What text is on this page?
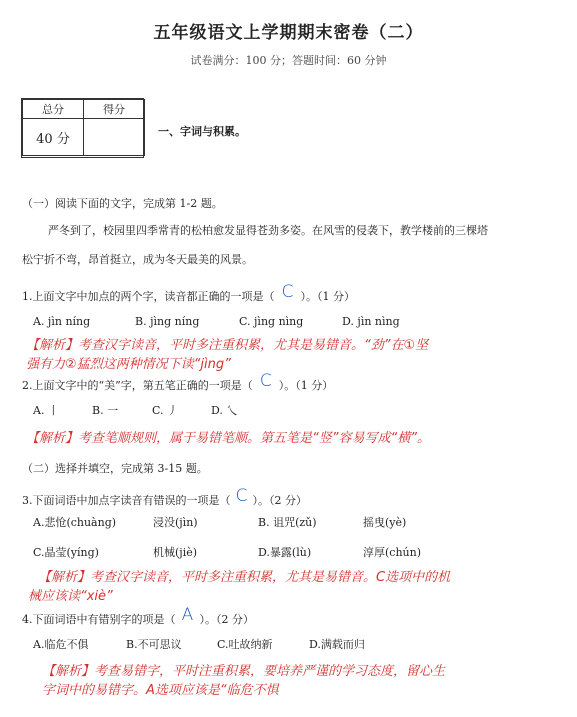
五年级语文上学期期末密卷（二）
试卷满分：100 分；答题时间：60 分钟
总分	得分
40 分		一、字词与积累。
（一）阅读下面的文字，完成第 1-2 题。
严冬到了，校园里四季常青的松柏愈发显得苍劲多姿。在风雪的侵袭下，教学楼前的三棵塔
松宁折不弯，昂首挺立，成为冬天最美的风景。
1.上面文字中加点的两个字，读音都正确的一项是（ C ）。（1 分）
A. jìn níng	B. jìng níng	C. jìng nìng	D. jìn nìng
【解析】考查汉字读音，平时多注重积累，尤其是易错音。“劲”在①坚
强有力②猛烈这两种情况下读“jìng”
2.上面文字中的“美”字，第五笔正确的一项是（ C ）。（1 分）
A. 丨	B. 一	C. 丿	D. 乀
【解析】考查笔顺规则，属于易错笔顺。第五笔是“竖”容易写成“横”。
（二）选择并填空，完成第 3-15 题。
3.下面词语中加点字读音有错误的一项是（ C ）。（2 分）
A.悲怆(chuàng)	浸没(jìn)	B. 诅咒(zǔ)	摇曳(yè)
C.晶莹(yíng)	机械(jiè)	D.暴露(lù)	淳厚(chún)
【解析】考查汉字读音，平时多注重积累，尤其是易错音。C选项中的机
械应该读“xiè”
4.下面词语中有错别字的项是（ A ）。（2 分）
A.临危不俱	B.不可思议	C.吐故纳新	D.满载而归
【解析】考查易错字，平时注重积累，要培养严谨的学习态度，留心生
字词中的易错字。A选项应该是“临危不惧
